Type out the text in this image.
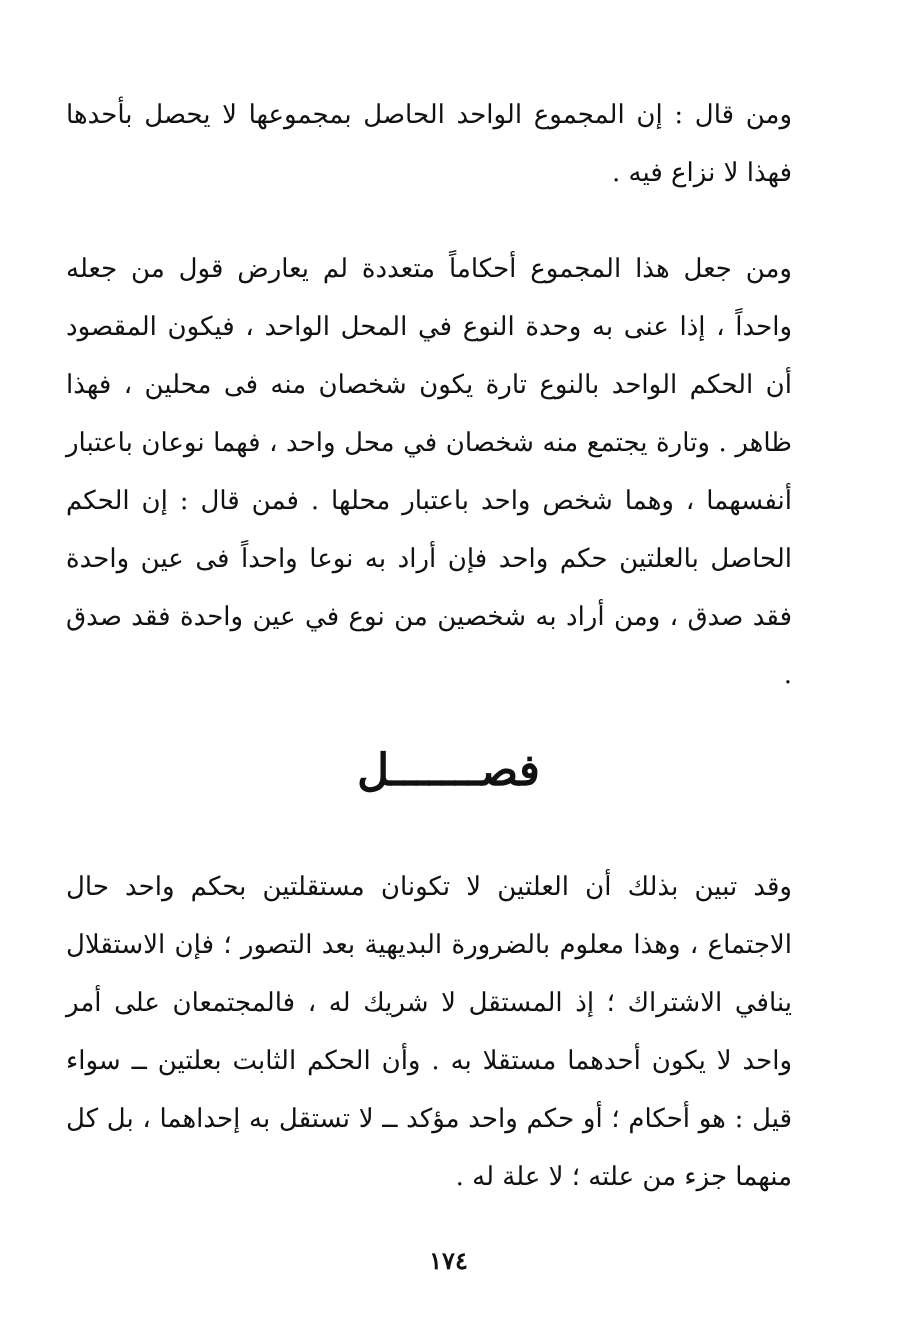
ومن قال : إن المجموع الواحد الحاصل بمجموعها لا يحصل بأحدها فهذا لا نزاع فيه .

ومن جعل هذا المجموع أحكاماً متعددة لم يعارض قول من جعله واحداً ، إذا عنى به وحدة النوع في المحل الواحد ، فيكون المقصود أن الحكم الواحد بالنوع تارة يكون شخصان منه فى محلين ، فهذا ظاهر . وتارة يجتمع منه شخصان في محل واحد ، فهما نوعان باعتبار أنفسهما ، وهما شخص واحد باعتبار محلها . فمن قال : إن الحكم الحاصل بالعلتين حكم واحد فإن أراد به نوعا واحداً فى عين واحدة فقد صدق ، ومن أراد به شخصين من نوع في عين واحدة فقد صدق .

فصـــــــل

وقد تبين بذلك أن العلتين لا تكونان مستقلتين بحكم واحد حال الاجتماع ، وهذا معلوم بالضرورة البديهية بعد التصور ؛ فإن الاستقلال ينافي الاشتراك ؛ إذ المستقل لا شريك له ، فالمجتمعان على أمر واحد لا يكون أحدهما مستقلا به . وأن الحكم الثابت بعلتين ــ سواء قيل : هو أحكام ؛ أو حكم واحد مؤكد ــ لا تستقل به إحداهما ، بل كل منهما جزء من علته ؛ لا علة له .

١٧٤
